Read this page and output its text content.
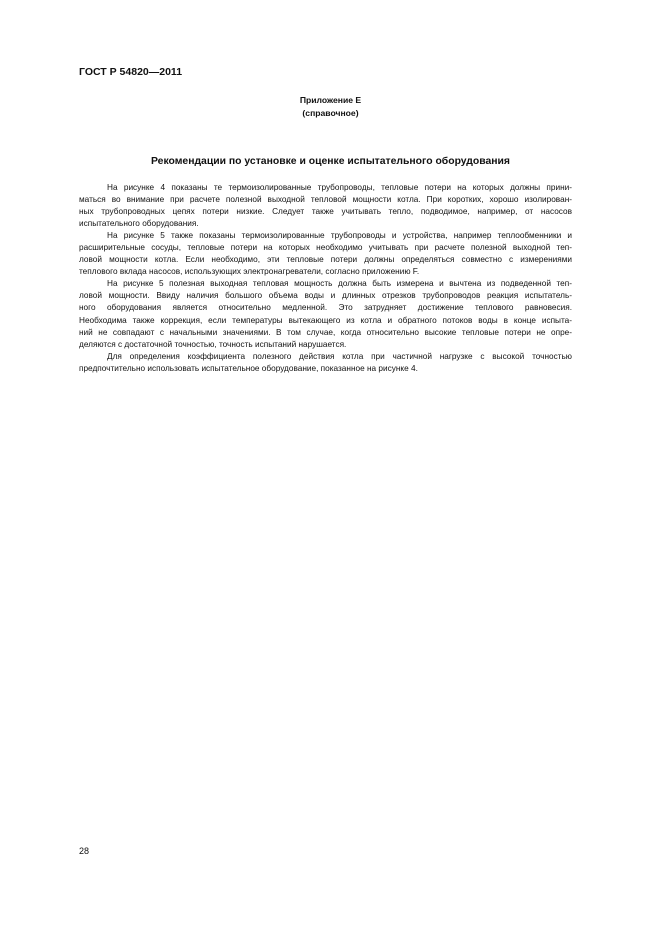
ГОСТ Р 54820—2011
Приложение Е
(справочное)
Рекомендации по установке и оценке испытательного оборудования
На рисунке 4 показаны те термоизолированные трубопроводы, тепловые потери на которых должны прини-
маться во внимание при расчете полезной выходной тепловой мощности котла. При коротких, хорошо изолирован-
ных трубопроводных цепях потери низкие. Следует также учитывать тепло, подводимое, например, от насосов
испытательного оборудования.
На рисунке 5 также показаны термоизолированные трубопроводы и устройства, например теплообменники и
расширительные сосуды, тепловые потери на которых необходимо учитывать при расчете полезной выходной теп-
ловой мощности котла. Если необходимо, эти тепловые потери должны определяться совместно с измерениями
теплового вклада насосов, использующих электронагреватели, согласно приложению F.
На рисунке 5 полезная выходная тепловая мощность должна быть измерена и вычтена из подведенной теп-
ловой мощности. Ввиду наличия большого объема воды и длинных отрезков трубопроводов реакция испытатель-
ного оборудования является относительно медленной. Это затрудняет достижение теплового равновесия.
Необходима также коррекция, если температуры вытекающего из котла и обратного потоков воды в конце испыта-
ний не совпадают с начальными значениями. В том случае, когда относительно высокие тепловые потери не опре-
деляются с достаточной точностью, точность испытаний нарушается.
Для определения коэффициента полезного действия котла при частичной нагрузке с высокой точностью
предпочтительно использовать испытательное оборудование, показанное на рисунке 4.
28
